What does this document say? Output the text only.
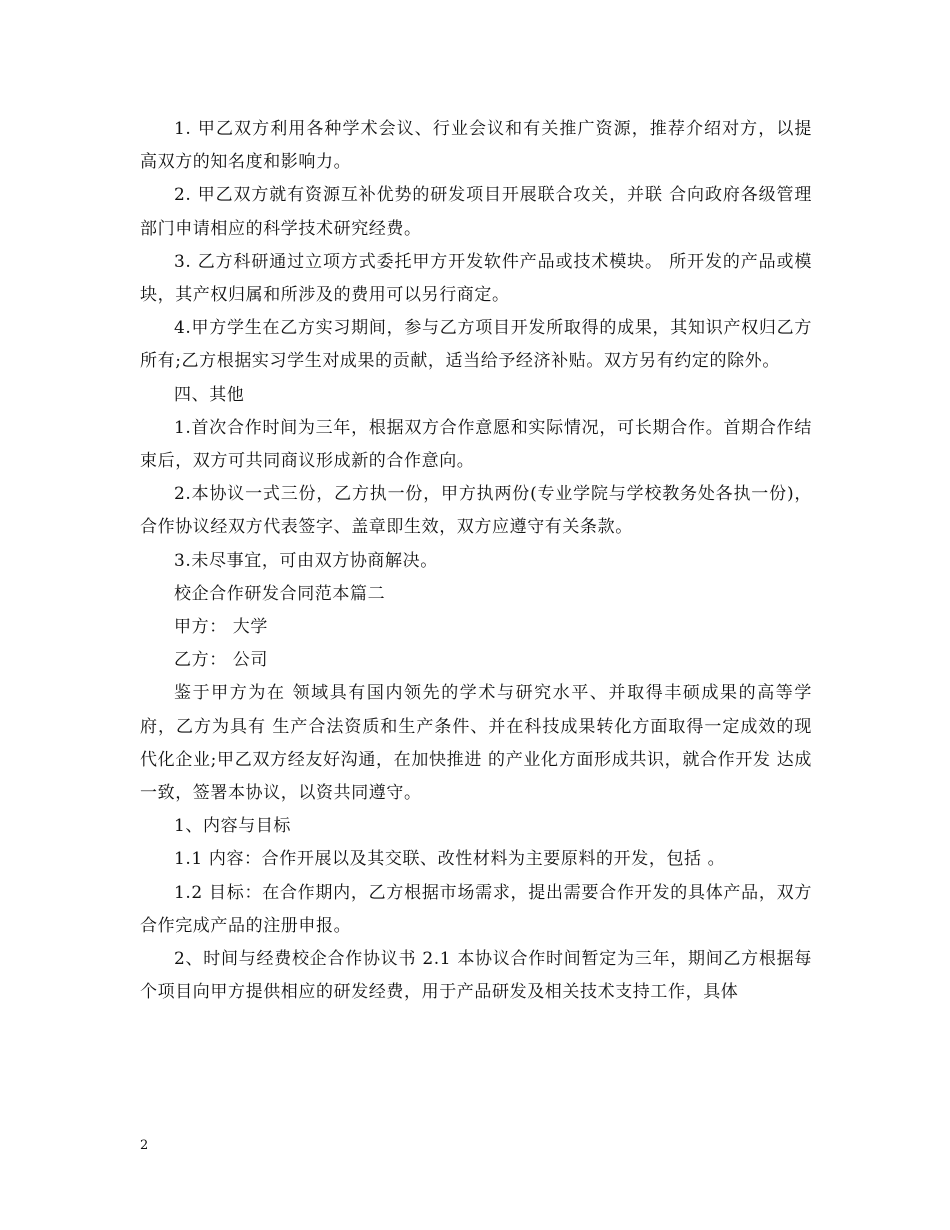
1. 甲乙双方利用各种学术会议、行业会议和有关推广资源，推荐介绍对方，以提高双方的知名度和影响力。

2. 甲乙双方就有资源互补优势的研发项目开展联合攻关，并联 合向政府各级管理部门申请相应的科学技术研究经费。

3. 乙方科研通过立项方式委托甲方开发软件产品或技术模块。 所开发的产品或模块，其产权归属和所涉及的费用可以另行商定。

4.甲方学生在乙方实习期间，参与乙方项目开发所取得的成果，其知识产权归乙方所有;乙方根据实习学生对成果的贡献，适当给予经济补贴。双方另有约定的除外。

四、其他

1.首次合作时间为三年，根据双方合作意愿和实际情况，可长期合作。首期合作结束后，双方可共同商议形成新的合作意向。

2.本协议一式三份，乙方执一份，甲方执两份(专业学院与学校教务处各执一份)，合作协议经双方代表签字、盖章即生效，双方应遵守有关条款。

3.未尽事宜，可由双方协商解决。

校企合作研发合同范本篇二

甲方： 大学

乙方： 公司

鉴于甲方为在 领域具有国内领先的学术与研究水平、并取得丰硕成果的高等学府，乙方为具有 生产合法资质和生产条件、并在科技成果转化方面取得一定成效的现代化企业;甲乙双方经友好沟通，在加快推进 的产业化方面形成共识，就合作开发 达成一致，签署本协议，以资共同遵守。

1、内容与目标

1.1 内容：合作开展以及其交联、改性材料为主要原料的开发，包括 。

1.2 目标：在合作期内，乙方根据市场需求，提出需要合作开发的具体产品，双方合作完成产品的注册申报。

2、时间与经费校企合作协议书 2.1 本协议合作时间暂定为三年，期间乙方根据每个项目向甲方提供相应的研发经费，用于产品研发及相关技术支持工作，具体

2
